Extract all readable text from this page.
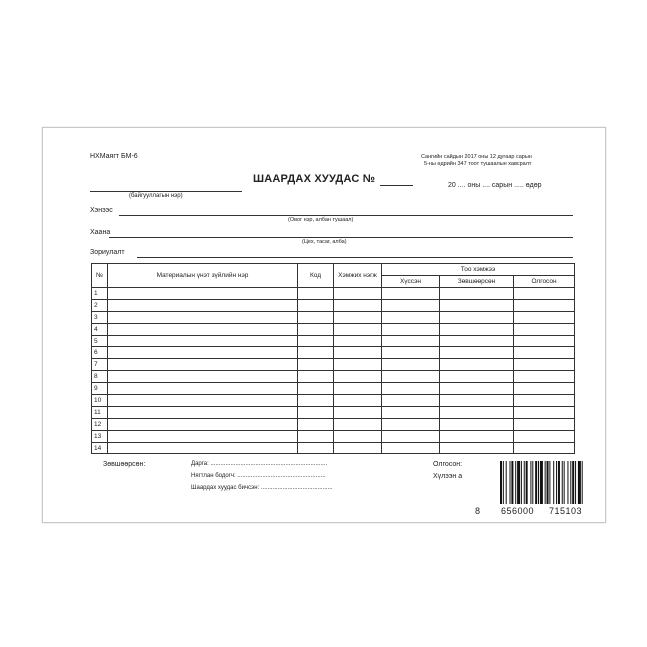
НХМаягт БМ-6	Сангийн сайдын 2017 оны 12 дугаар сарын
5-ны өдрийн 347 тоот тушаалын хавсралт
ШААРДАХ ХУУДАС №
20 .... оны .... сарын ..... өдөр
(байгууллагын нэр)
Хэнээс
(Овог нэр, албан тушаал)
Хаана
(Цех, тасаг, алба)
Зориулалт
№	Материалын үнэт зүйлийн нэр	Код	Хэмжих нэгж	Тоо хэмжээ		
				Хүссэн	Зөвшөөрсөн	Олгосон
1						
2						
3						
4						
5						
6						
7						
8						
9						
10						
11						
12						
13						
14						
Зөвшөөрсөн:	Дарга: ......................................................................
Нягтлан бодогч: .....................................................
Шаардах хуудас бичсэн: ...........................................
Олгосон:
Хүлээн а
8 656000 715103
